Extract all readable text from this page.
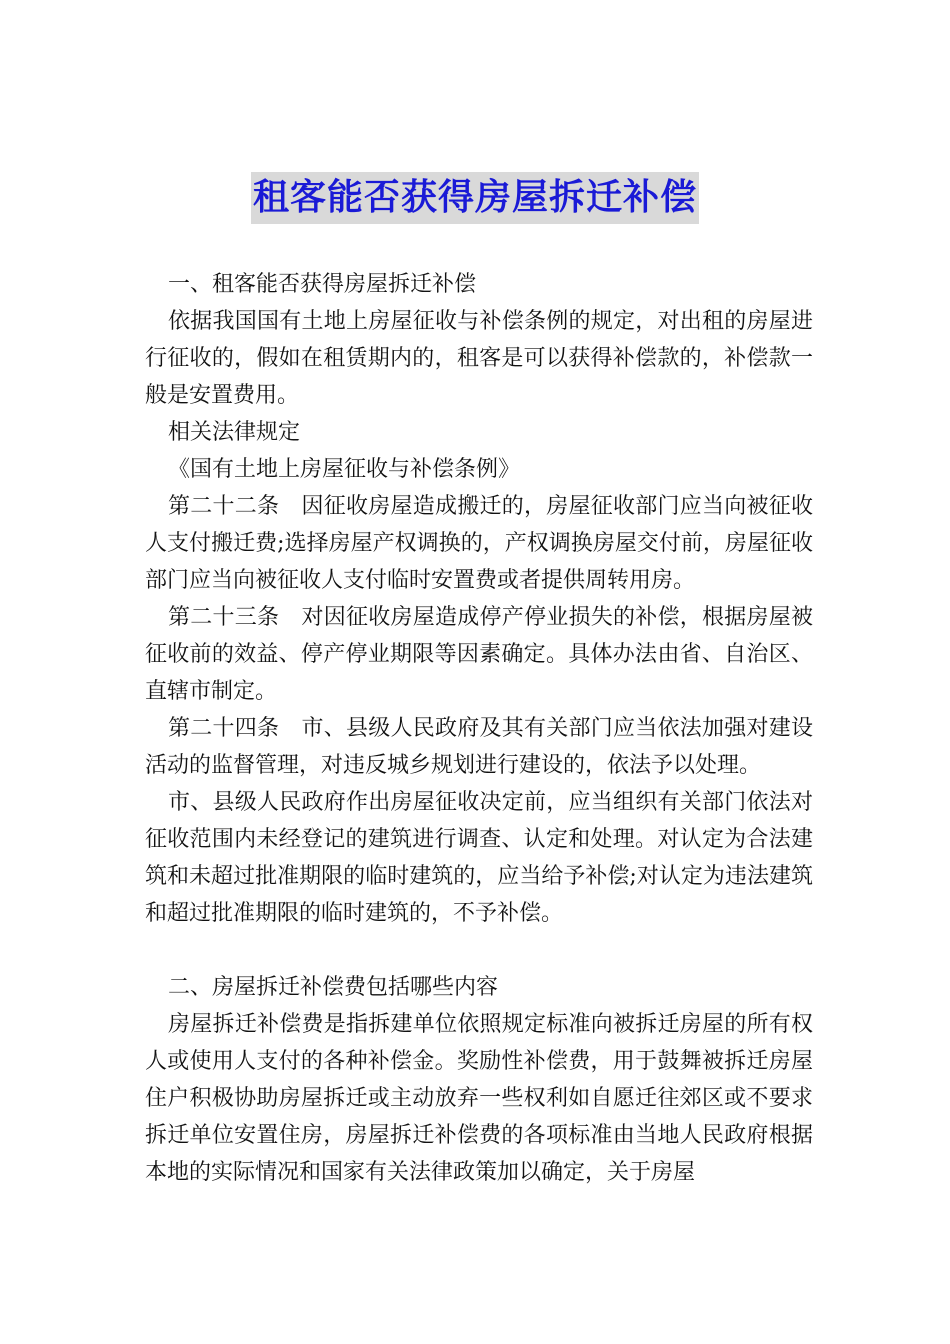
租客能否获得房屋拆迁补偿

一、租客能否获得房屋拆迁补偿

依据我国国有土地上房屋征收与补偿条例的规定，对出租的房屋进行征收的，假如在租赁期内的，租客是可以获得补偿款的，补偿款一般是安置费用。

相关法律规定

《国有土地上房屋征收与补偿条例》

第二十二条　因征收房屋造成搬迁的，房屋征收部门应当向被征收人支付搬迁费;选择房屋产权调换的，产权调换房屋交付前，房屋征收部门应当向被征收人支付临时安置费或者提供周转用房。

第二十三条　对因征收房屋造成停产停业损失的补偿，根据房屋被征收前的效益、停产停业期限等因素确定。具体办法由省、自治区、直辖市制定。

第二十四条　市、县级人民政府及其有关部门应当依法加强对建设活动的监督管理，对违反城乡规划进行建设的，依法予以处理。

市、县级人民政府作出房屋征收决定前，应当组织有关部门依法对征收范围内未经登记的建筑进行调查、认定和处理。对认定为合法建筑和未超过批准期限的临时建筑的，应当给予补偿;对认定为违法建筑和超过批准期限的临时建筑的，不予补偿。

二、房屋拆迁补偿费包括哪些内容

房屋拆迁补偿费是指拆建单位依照规定标准向被拆迁房屋的所有权人或使用人支付的各种补偿金。奖励性补偿费，用于鼓舞被拆迁房屋住户积极协助房屋拆迁或主动放弃一些权利如自愿迁往郊区或不要求拆迁单位安置住房，房屋拆迁补偿费的各项标准由当地人民政府根据本地的实际情况和国家有关法律政策加以确定，关于房屋
